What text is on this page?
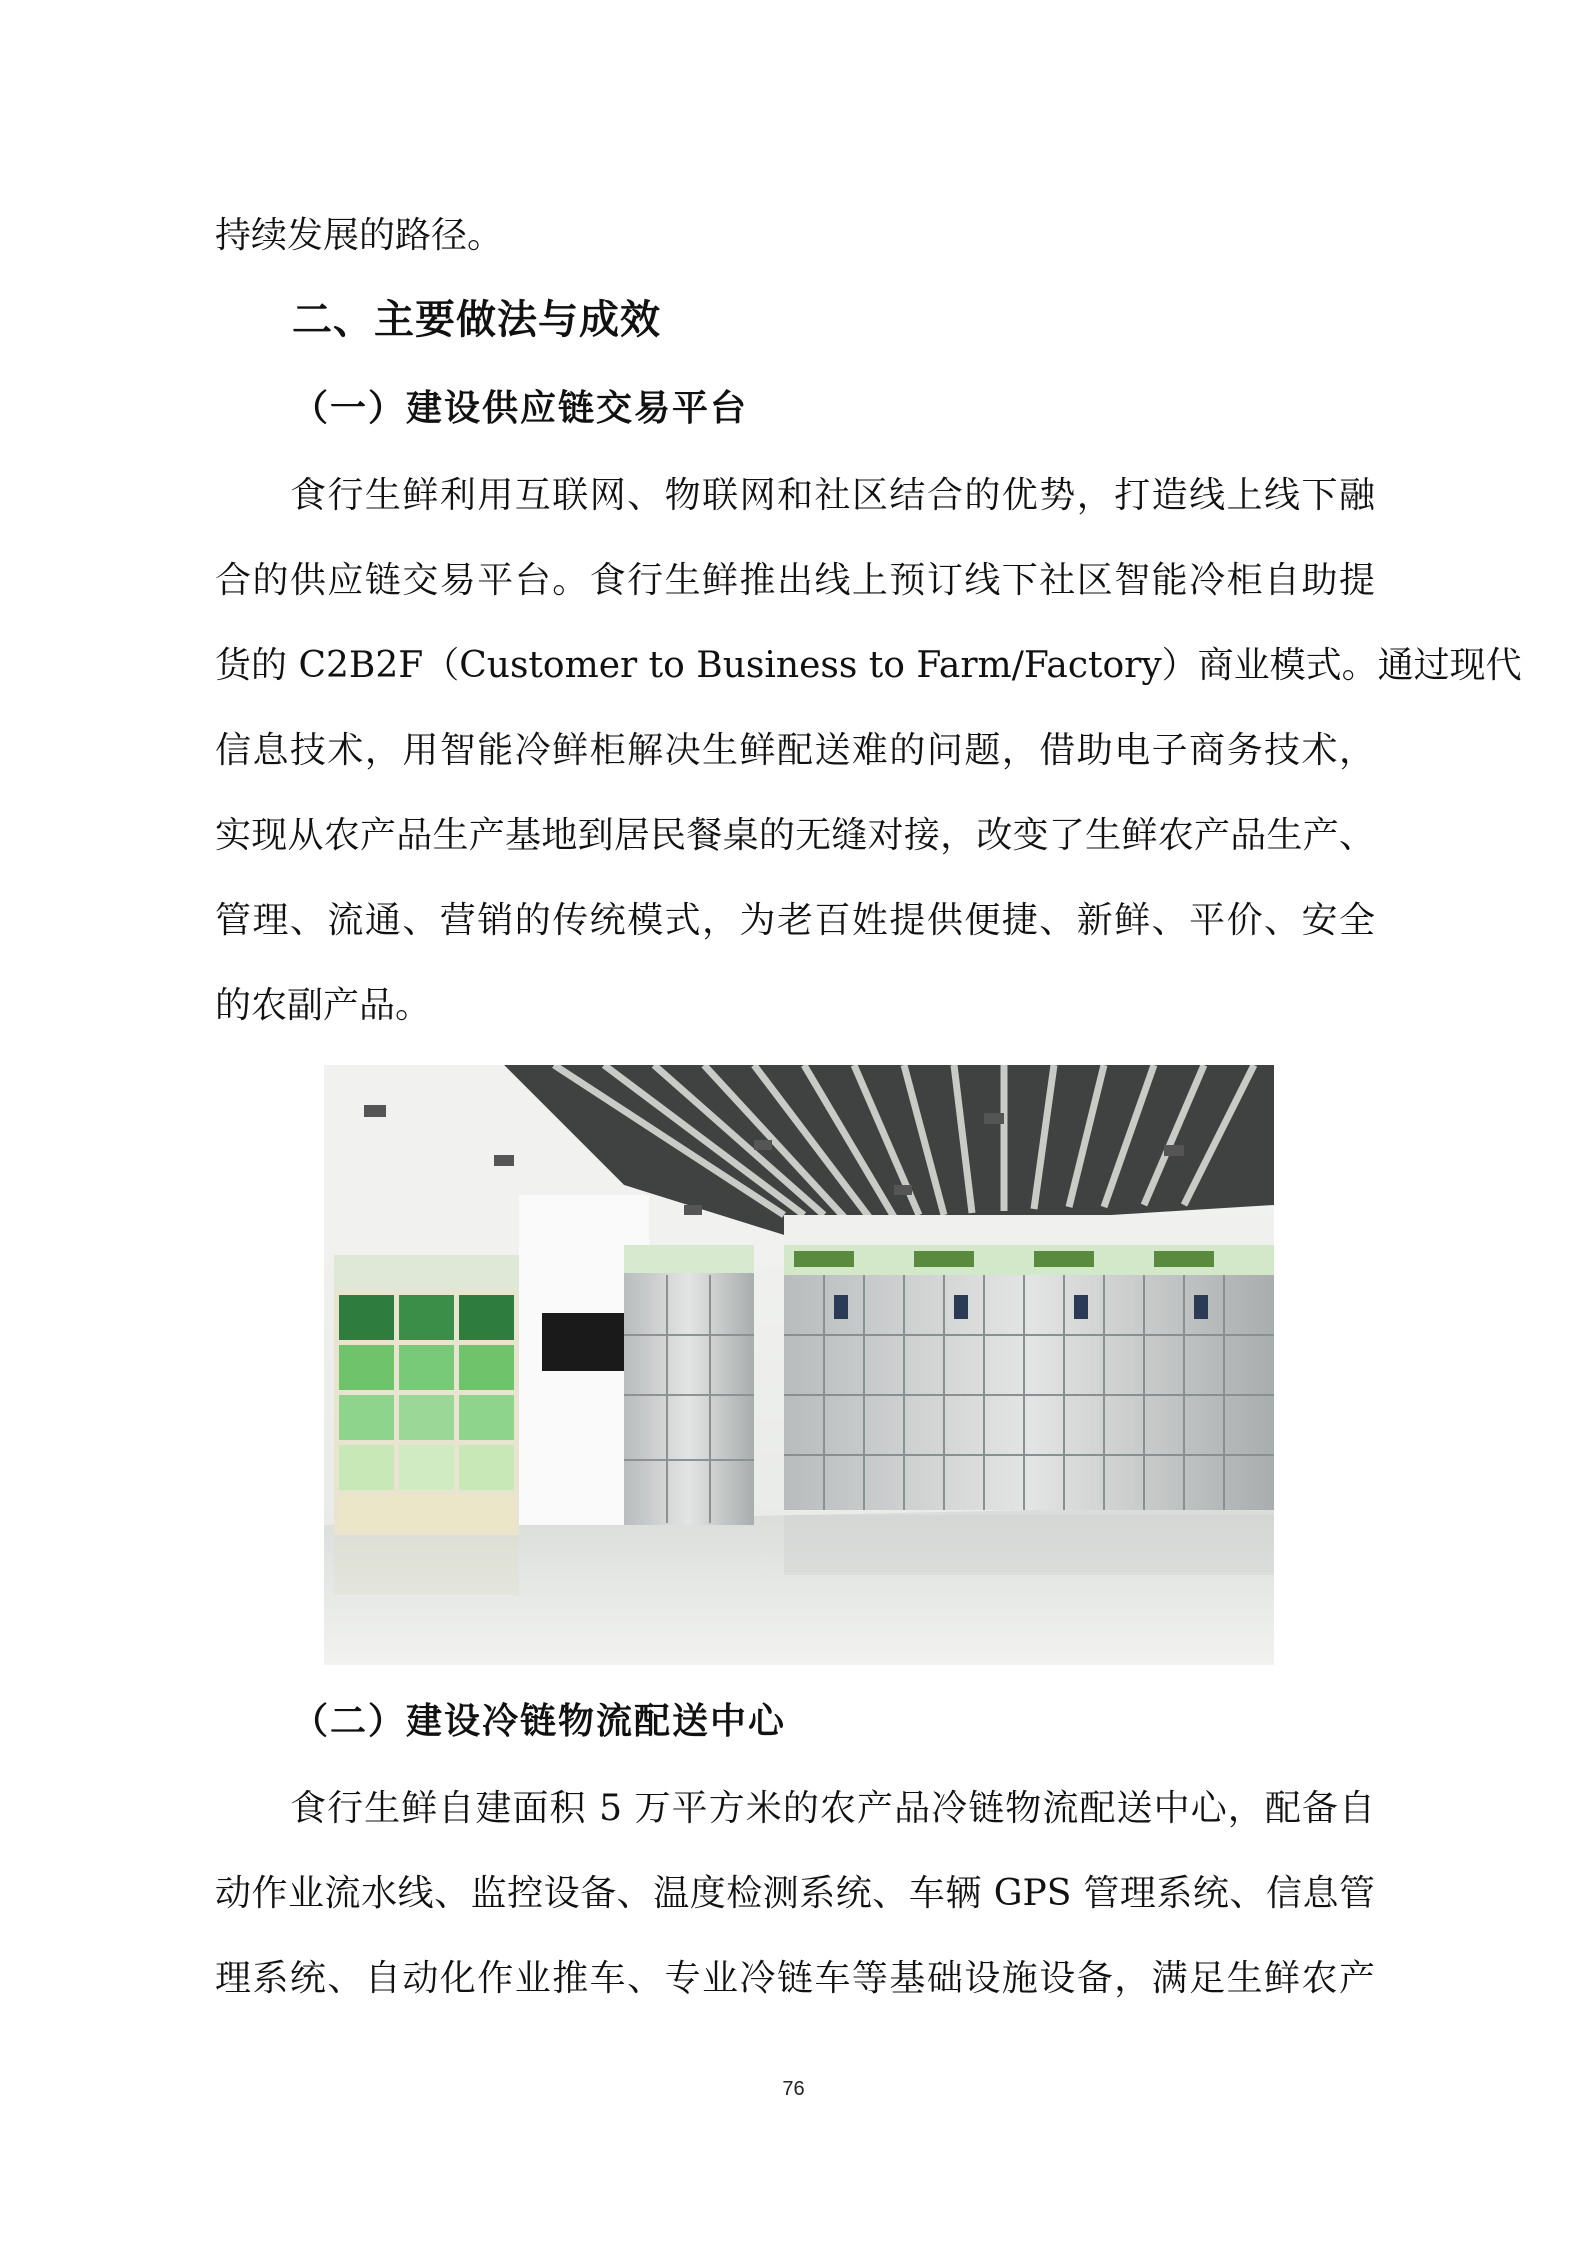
持续发展的路径。
二、主要做法与成效
（一）建设供应链交易平台
食行生鲜利用互联网、物联网和社区结合的优势，打造线上线下融
合的供应链交易平台。食行生鲜推出线上预订线下社区智能冷柜自助提
货的 C2B2F（Customer to Business to Farm/Factory）商业模式。通过现代
信息技术，用智能冷鲜柜解决生鲜配送难的问题，借助电子商务技术，
实现从农产品生产基地到居民餐桌的无缝对接，改变了生鲜农产品生产、
管理、流通、营销的传统模式，为老百姓提供便捷、新鲜、平价、安全
的农副产品。
（二）建设冷链物流配送中心
食行生鲜自建面积 5 万平方米的农产品冷链物流配送中心，配备自
动作业流水线、监控设备、温度检测系统、车辆 GPS 管理系统、信息管
理系统、自动化作业推车、专业冷链车等基础设施设备，满足生鲜农产
76
